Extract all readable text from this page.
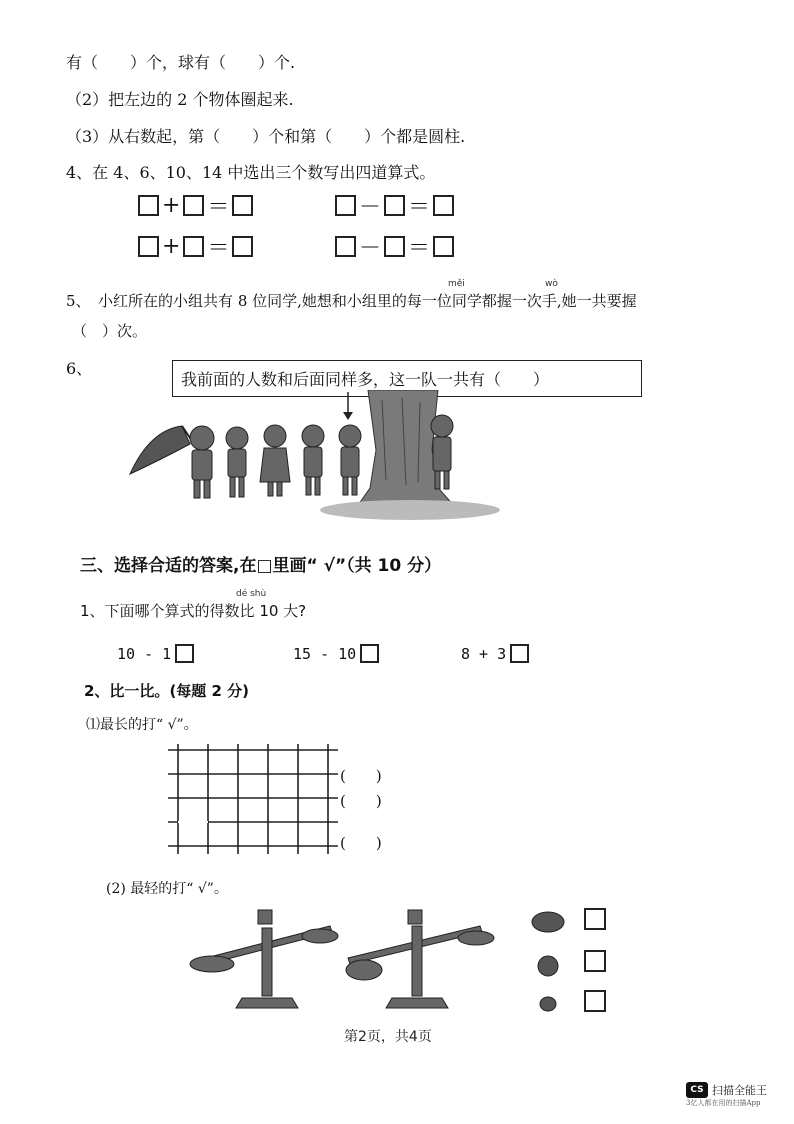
有（　　）个，球有（　　）个.
（2）把左边的 2 个物体圈起来.
（3）从右数起，第（　　）个和第（　　）个都是圆柱.
4、在 4、6、10、14 中选出三个数写出四道算式。
+ ＝	－ ＝
+ ＝	－ ＝
měi	wò
5、　小红所在的小组共有 8 位同学,她想和小组里的每一位同学都握一次手,她一共要握
（　）次。
6、
我前面的人数和后面同样多，这一队一共有（　　）
三、选择合适的答案,在□里画“ √”（共 10 分）
dé shù
1、下面哪个算式的得数比 10 大?
10 - 1	15 - 10	8 + 3
2、比一比。(每题 2 分)
⑴最长的打“ √”。
(　　)
(　　)
(　　)
(2) 最轻的打“ √”。
第2页，共4页
CS 扫描全能王
3亿人都在用的扫描App
